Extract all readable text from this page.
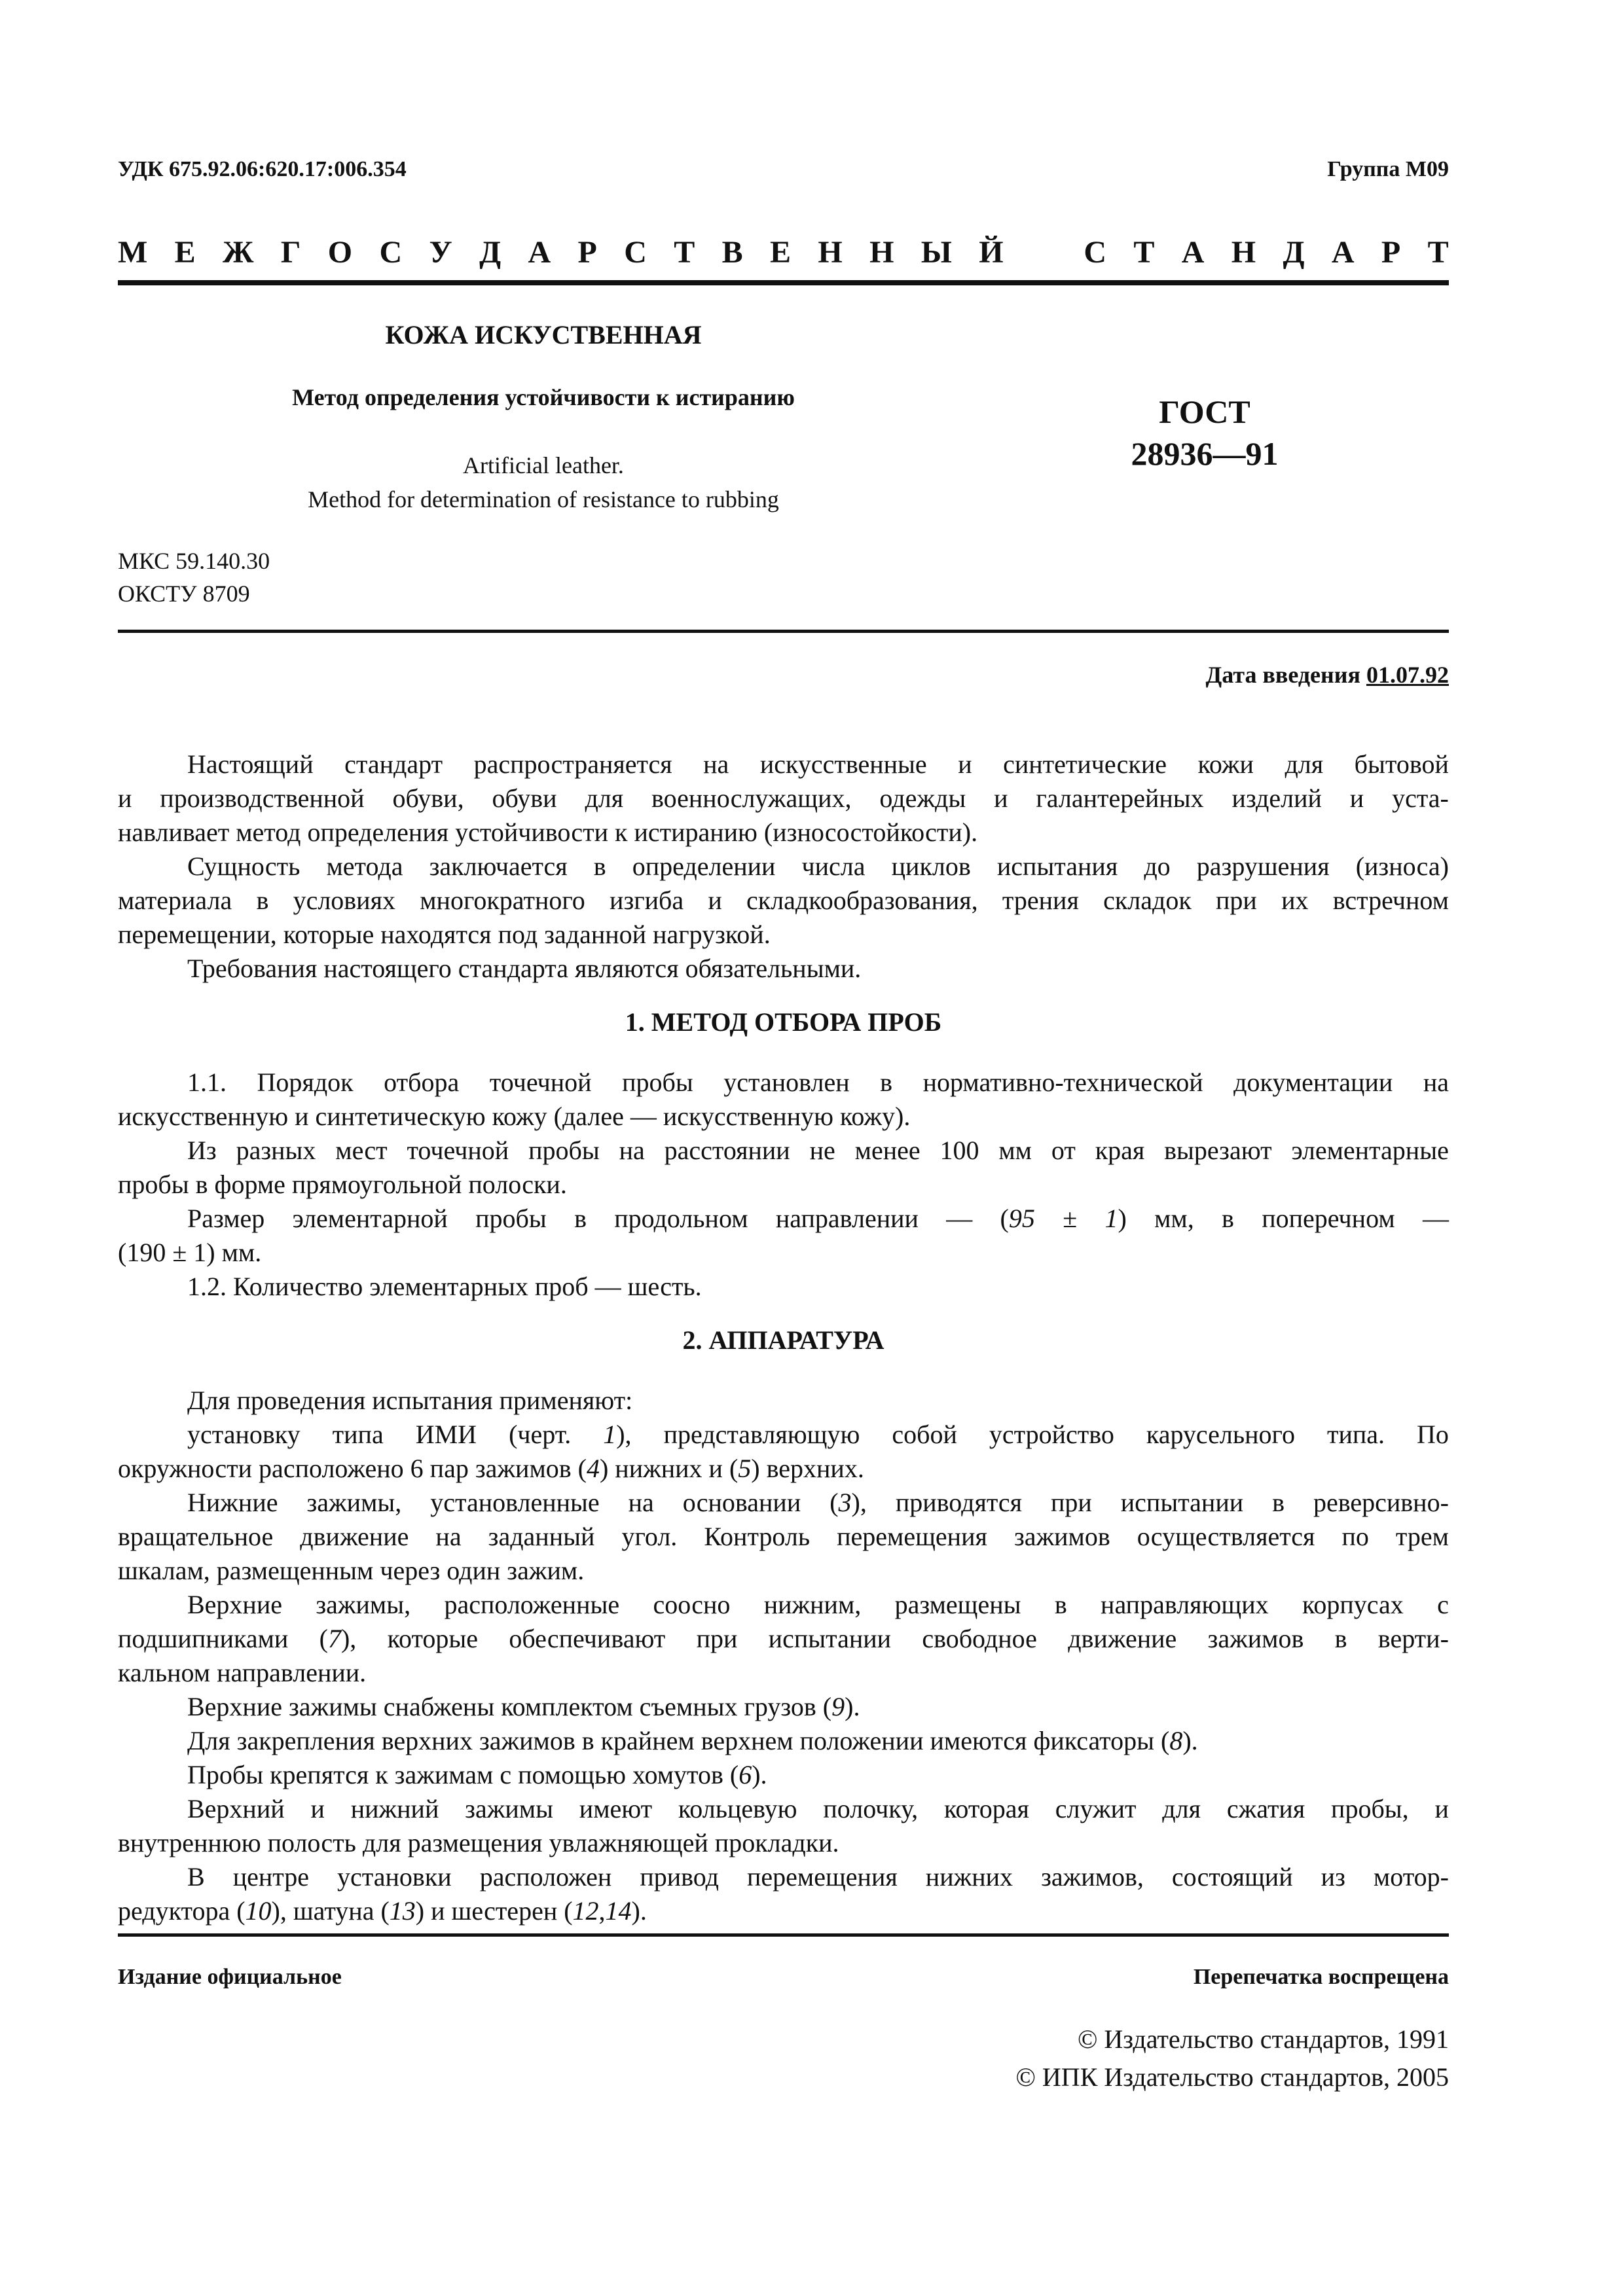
УДК 675.92.06:620.17:006.354	Группа М09
М Е Ж Г О С У Д А Р С Т В Е Н Н Ы Й	С Т А Н Д А Р Т
КОЖА ИСКУСТВЕННАЯ
Метод определения устойчивости к истиранию
Artificial leather.
Method for determination of resistance to rubbing
ГОСТ
28936—91
МКС 59.140.30
ОКСТУ 8709
Дата введения 01.07.92
Настоящий стандарт распространяется на искусственные и синтетические кожи для бытовой
и производственной обуви, обуви для военнослужащих, одежды и галантерейных изделий и уста-
навливает метод определения устойчивости к истиранию (износостойкости).
Сущность метода заключается в определении числа циклов испытания до разрушения (износа)
материала в условиях многократного изгиба и складкообразования, трения складок при их встречном
перемещении, которые находятся под заданной нагрузкой.
Требования настоящего стандарта являются обязательными.
1. МЕТОД ОТБОРА ПРОБ
1.1. Порядок отбора точечной пробы установлен в нормативно-технической документации на
искусственную и синтетическую кожу (далее — искусственную кожу).
Из разных мест точечной пробы на расстоянии не менее 100 мм от края вырезают элементарные
пробы в форме прямоугольной полоски.
Размер элементарной пробы в продольном направлении — (95 ± 1) мм, в поперечном —
(190 ± 1) мм.
1.2. Количество элементарных проб — шесть.
2. АППАРАТУРА
Для проведения испытания применяют:
установку типа ИМИ (черт. 1), представляющую собой устройство карусельного типа. По
окружности расположено 6 пар зажимов ( 4 ) нижних и ( 5 ) верхних.
Нижние зажимы, установленные на основании (3), приводятся при испытании в реверсивно-
вращательное движение на заданный угол. Контроль перемещения зажимов осуществляется по трем
шкалам, размещенным через один зажим.
Верхние зажимы, расположенные соосно нижним, размещены в направляющих корпусах с
подшипниками (7), которые обеспечивают при испытании свободное движение зажимов в верти-
кальном направлении.
Верхние зажимы снабжены комплектом съемных грузов ( 9 ).
Для закрепления верхних зажимов в крайнем верхнем положении имеются фиксаторы ( 8 ).
Пробы крепятся к зажимам с помощью хомутов ( 6 ).
Верхний и нижний зажимы имеют кольцевую полочку, которая служит для сжатия пробы, и
внутреннюю полость для размещения увлажняющей прокладки.
В центре установки расположен привод перемещения нижних зажимов, состоящий из мотор-
редуктора ( 10 ), шатуна ( 13 ) и шестерен ( 12 , 14 ).
Издание официальное	Перепечатка воспрещена
© Издательство стандартов, 1991
© ИПК Издательство стандартов, 2005
